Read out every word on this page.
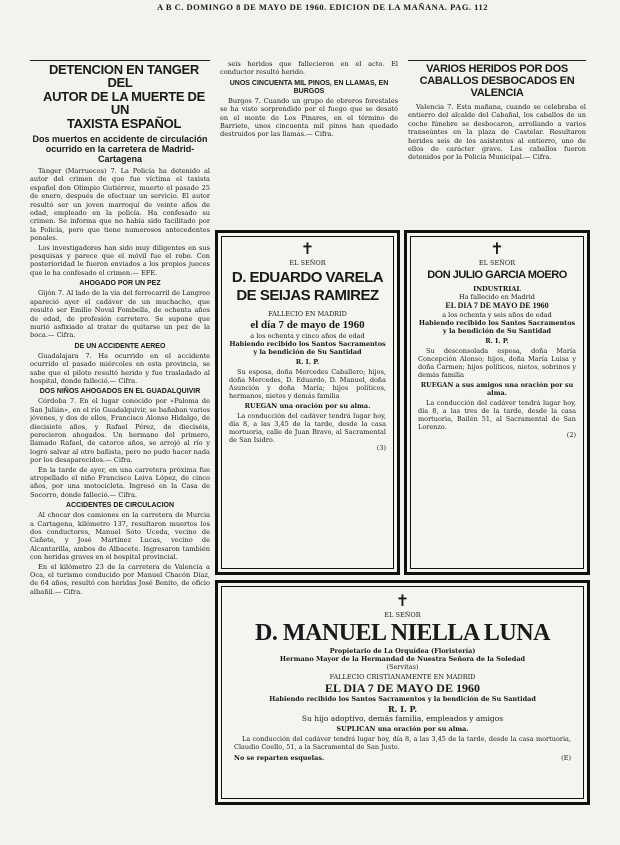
A B C. DOMINGO 8 DE MAYO DE 1960. EDICION DE LA MAÑANA. PAG. 112

DETENCION EN TANGER DEL

AUTOR DE LA MUERTE DE UN

TAXISTA ESPAÑOL

Dos muertos en accidente de circulación ocurrido en la carretera de Madrid-Cartagena

Tánger (Marruecos) 7. La Policía ha detenido al autor del crimen de que fue víctima el taxista español don Olimpio Gutiérrez, muerto el pasado 25 de enero, después de efectuar un servicio. El autor resultó ser un joven marroquí de veinte años de edad, empleado en la policía. Ha confesado su crimen. Se informa que no había sido facilitado por la Policía, pero que tiene numerosos antecedentes penales.

Los investigadores han sido muy diligentes en sus pesquisas y parece que el móvil fue el robo. Con posterioridad le fueron enviados a los propios jueces que le ha confesado el crimen.— EFE.

AHOGADO POR UN PEZ

Gijón 7. Al lado de la vía del ferrocarril de Langreo apareció ayer el cadáver de un muchacho, que resultó ser Emilio Noval Fombella, de ochenta años de edad, de profesión carretero. Se supone que murió asfixiado al tratar de quitarse un pez de la boca.— Cifra.

DE UN ACCIDENTE AEREO

Guadalajara 7. Ha ocurrido en el accidente ocurrido el pasado miércoles en esta provincia, se sabe que el piloto resultó herido y fue trasladado al hospital, donde falleció.— Cifra.

DOS NIÑOS AHOGADOS EN EL GUADALQUIVIR

Córdoba 7. En el lugar conocido por «Paloma de San Julián», en el río Guadalquivir, se bañaban varios jóvenes, y dos de ellos, Francisco Alonso Hidalgo, de diecisiete años, y Rafael Pérez, de dieciséis, perecieron ahogados. Un hermano del primero, llamado Rafael, de catorce años, se arrojó al río y logró salvar al otro bañista, pero no pudo hacer nada por los desaparecidos.— Cifra.

En la tarde de ayer, en una carretera próxima fue atropellado el niño Francisco Leiva López, de cinco años, por una motocicleta. Ingresó en la Casa de Socorro, donde falleció.— Cifra.

ACCIDENTES DE CIRCULACION

Al chocar dos camiones en la carretera de Murcia a Cartagena, kilómetro 137, resultaron muertos los dos conductores, Manuel Soto Uceda, vecino de Cañete, y José Martínez Lucas, vecino de Alcantarilla, ambos de Albacete. Ingresaron también con heridas graves en el hospital provincial.

En el kilómetro 23 de la carretera de Valencia a Oca, el turismo conducido por Manuel Chacón Díaz, de 64 años, resultó con heridas José Benito, de oficio albañil.— Cifra.

seis heridos que fallecieron en el acto. El conductor resultó herido.

UNOS CINCUENTA MIL PINOS, EN LLAMAS, EN BURGOS

Burgos 7. Cuando un grupo de obreros forestales se ha visto sorprendido por el fuego que se desató en el monte de Los Pinares, en el término de Barriete, unos cincuenta mil pinos han quedado destruidos por las llamas.— Cifra.

VARIOS HERIDOS POR DOS CABALLOS DESBOCADOS EN VALENCIA

Valencia 7. Esta mañana, cuando se celebraba el entierro del alcalde del Cabañal, los caballos de un coche fúnebre se desbocaron, arrollando a varios transeúntes en la plaza de Castelar. Resultaron heridos seis de los asistentes al entierro, uno de ellos de carácter grave. Los caballos fueron detenidos por la Policía Municipal.— Cifra.

✝
EL SEÑOR
D. EDUARDO VARELA DE SEIJAS RAMIREZ
FALLECIO EN MADRID
el día 7 de mayo de 1960
a los ochenta y cinco años de edad
Habiendo recibido los Santos Sacramentos y la bendición de Su Santidad
R. I. P.

Su esposa, doña Mercedes Caballero; hijos, doña Mercedes, D. Eduardo, D. Manuel, doña Asunción y doña María; hijos políticos, hermanos, nietos y demás familia

RUEGAN una oración por su alma.

La conducción del cadáver tendrá lugar hoy, día 8, a las 3,45 de la tarde, desde la casa mortuoria, calle de Juan Bravo, al Sacramental de San Isidro.

(3)
✝
EL SEÑOR
DON JULIO GARCIA MOERO
INDUSTRIAL
Ha fallecido en Madrid
EL DIA 7 DE MAYO DE 1960
a los ochenta y seis años de edad
Habiendo recibido los Santos Sacramentos y la bendición de Su Santidad
R. I. P.

Su desconsolada esposa, doña María Concepción Alonso; hijos, doña María Luisa y doña Carmen; hijos políticos, nietos, sobrinos y demás familia

RUEGAN a sus amigos una oración por su alma.

La conducción del cadáver tendrá lugar hoy, día 8, a las tres de la tarde, desde la casa mortuoria, Bailén 51, al Sacramental de San Lorenzo.

(2)
✝
EL SEÑOR
D. MANUEL NIELLA LUNA
Propietario de La Orquídea (Floristería)
Hermano Mayor de la Hermandad de Nuestra Señora de la Soledad
(Servitas)
FALLECIO CRISTIANAMENTE EN MADRID
EL DIA 7 DE MAYO DE 1960
Habiendo recibido los Santos Sacramentos y la bendición de Su Santidad
R. I. P.
Su hijo adoptivo, demás familia, empleados y amigos
SUPLICAN una oración por su alma.

La conducción del cadáver tendrá lugar hoy, día 8, a las 3,45 de la tarde, desde la casa mortuoria, Claudio Coello, 51, a la Sacramental de San Justo.

No se reparten esquelas.	(E)
